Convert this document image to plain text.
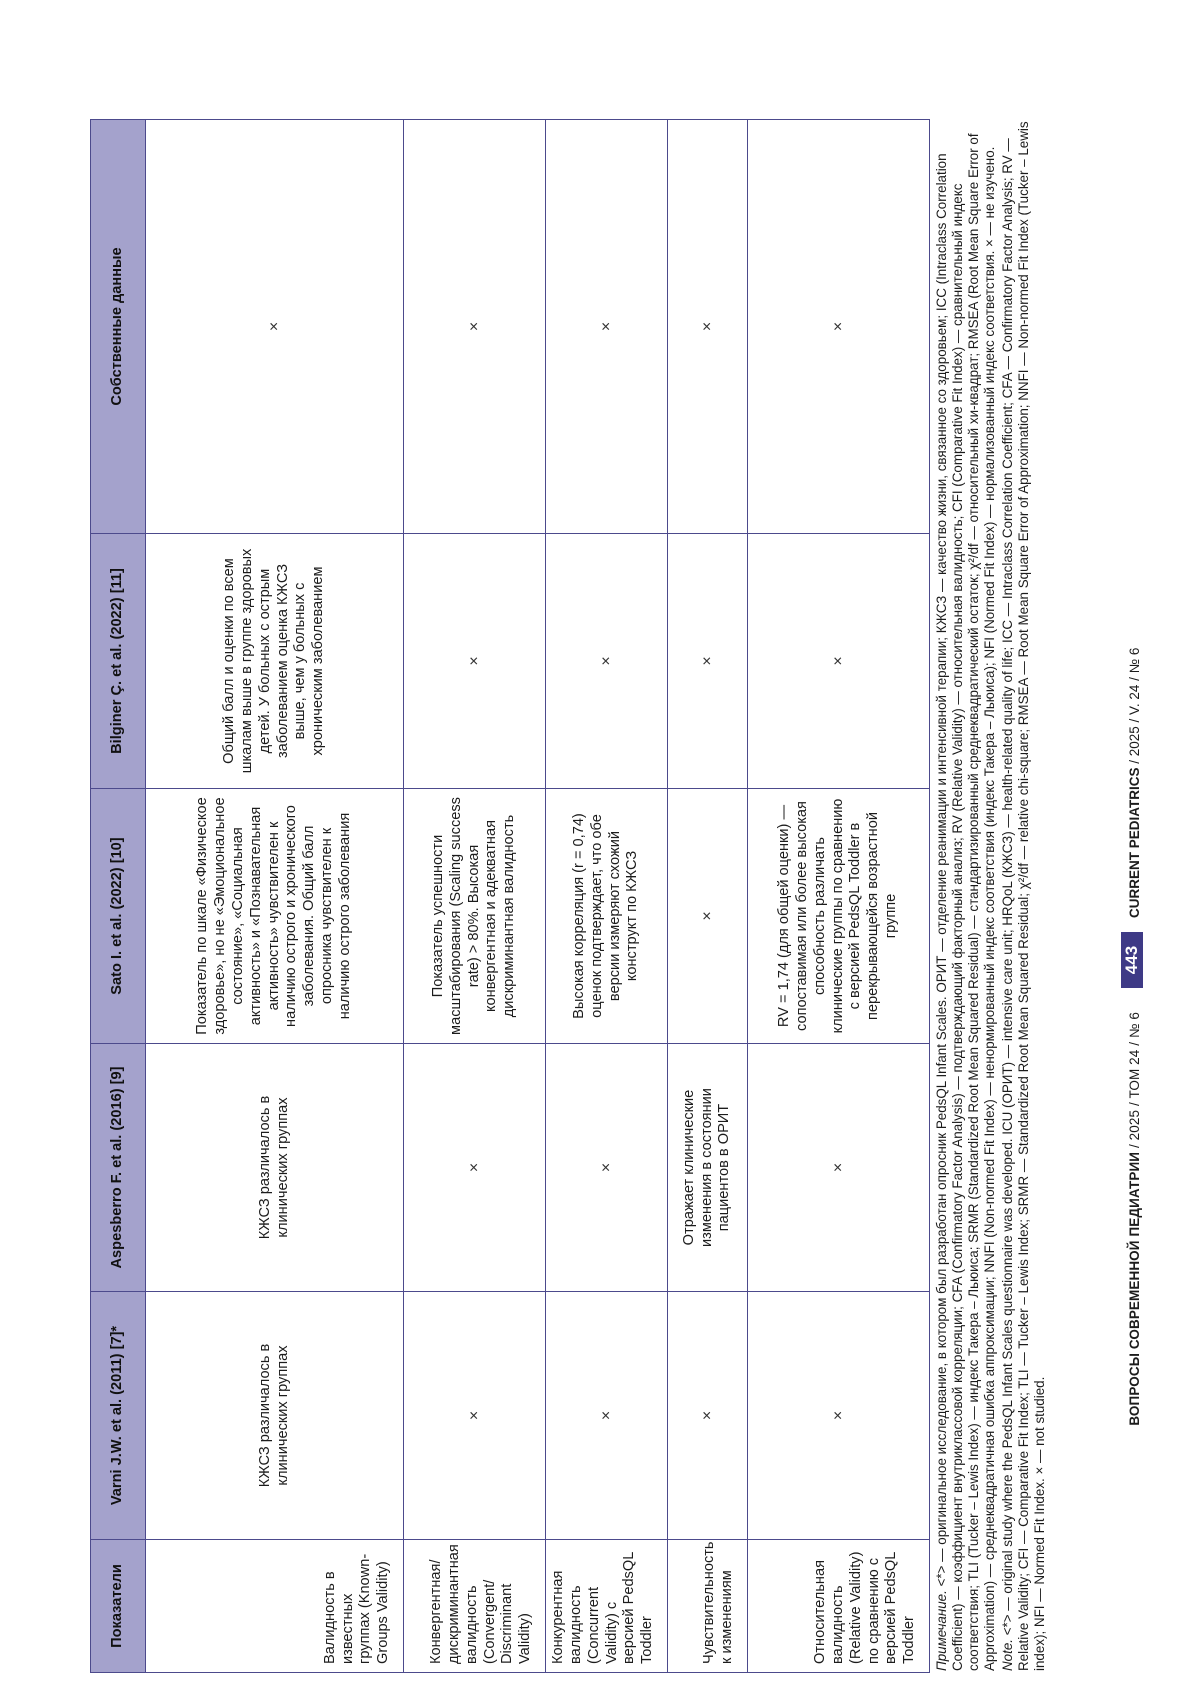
Показатели	Varni J.W. et al. (2011) [7]*	Aspesberro F. et al. (2016) [9]	Sato I. et al. (2022) [10]	Bilginer Ç. et al. (2022) [11]	Собственные данные
Валидность в известных группах (Known-Groups Validity)	КЖСЗ различалось в клинических группах	КЖСЗ различалось в клинических группах	Показатель по шкале «Физическое здоровье», но не «Эмоциональное состояние», «Социальная активность» и «Познавательная активность» чувствителен к наличию острого и хронического заболевания. Общий балл опросника чувствителен к наличию острого заболевания	Общий балл и оценки по всем шкалам выше в группе здоровых детей. У больных с острым заболеванием оценка КЖСЗ выше, чем у больных с хроническим заболеванием	×
Конвергентная/ дискриминантная валидность (Convergent/ Discriminant Validity)	×	×	Показатель успешности масштабирования (Scaling success rate) > 80%. Высокая конвергентная и адекватная дискриминантная валидность	×	×
Конкурентная валидность (Concurrent Validity) с версией PedsQL Toddler	×	×	Высокая корреляция (r = 0,74) оценок подтверждает, что обе версии измеряют схожий конструкт по КЖСЗ	×	×
Чувствительность к изменениям	×	Отражает клинические изменения в состоянии пациентов в ОРИТ	×	×	×
Относительная валидность (Relative Validity) по сравнению с версией PedsQL Toddler	×	×	RV = 1,74 (для общей оценки) — сопоставимая или более высокая способность различать клинические группы по сравнению с версией PedsQL Toddler в перекрывающейся возрастной группе	×	×

Примечание. <*> — оригинальное исследование, в котором был разработан опросник PedsQL Infant Scales. ОРИТ — отделение реанимации и интенсивной терапии; КЖСЗ — качество жизни, связанное со здоровьем; ICC (Intraclass Correlation Coefficient) — коэффициент внутриклассовой корреляции; CFA (Confirmatory Factor Analysis) — подтверждающий факторный анализ; RV (Relative Validity) — относительная валидность; CFI (Comparative Fit Index) — сравнительный индекс соответствия; TLI (Tucker – Lewis Index) — индекс Такера – Льюиса; SRMR (Standardized Root Mean Squared Residual) — стандартизированный среднеквадратический остаток; χ²/df — относительный хи-квадрат; RMSEA (Root Mean Square Error of Approximation) — среднеквадратичная ошибка аппроксимации; NNFI (Non-normed Fit Index) — ненормированный индекс соответствия (индекс Такера – Льюиса); NFI (Normed Fit Index) — нормализованный индекс соответствия. × — не изучено. Note. <*> — original study where the PedsQL Infant Scales questionnaire was developed. ICU (ОРИТ) — intensive care unit; HRQoL (КЖСЗ) — health-related quality of life; ICC — Intraclass Correlation Coefficient; CFA — Confirmatory Factor Analysis; RV — Relative Validity; CFI — Comparative Fit Index; TLI — Tucker – Lewis Index; SRMR — Standardized Root Mean Squared Residual; χ²/df — relative chi-square; RMSEA — Root Mean Square Error of Approximation; NNFI — Non-normed Fit Index (Tucker – Lewis index); NFI — Normed Fit Index. × — not studied.

ВОПРОСЫ СОВРЕМЕННОЙ ПЕДИАТРИИ / 2025 / ТОМ 24 / № 6
443
CURRENT PEDIATRICS / 2025 / V. 24 / № 6
